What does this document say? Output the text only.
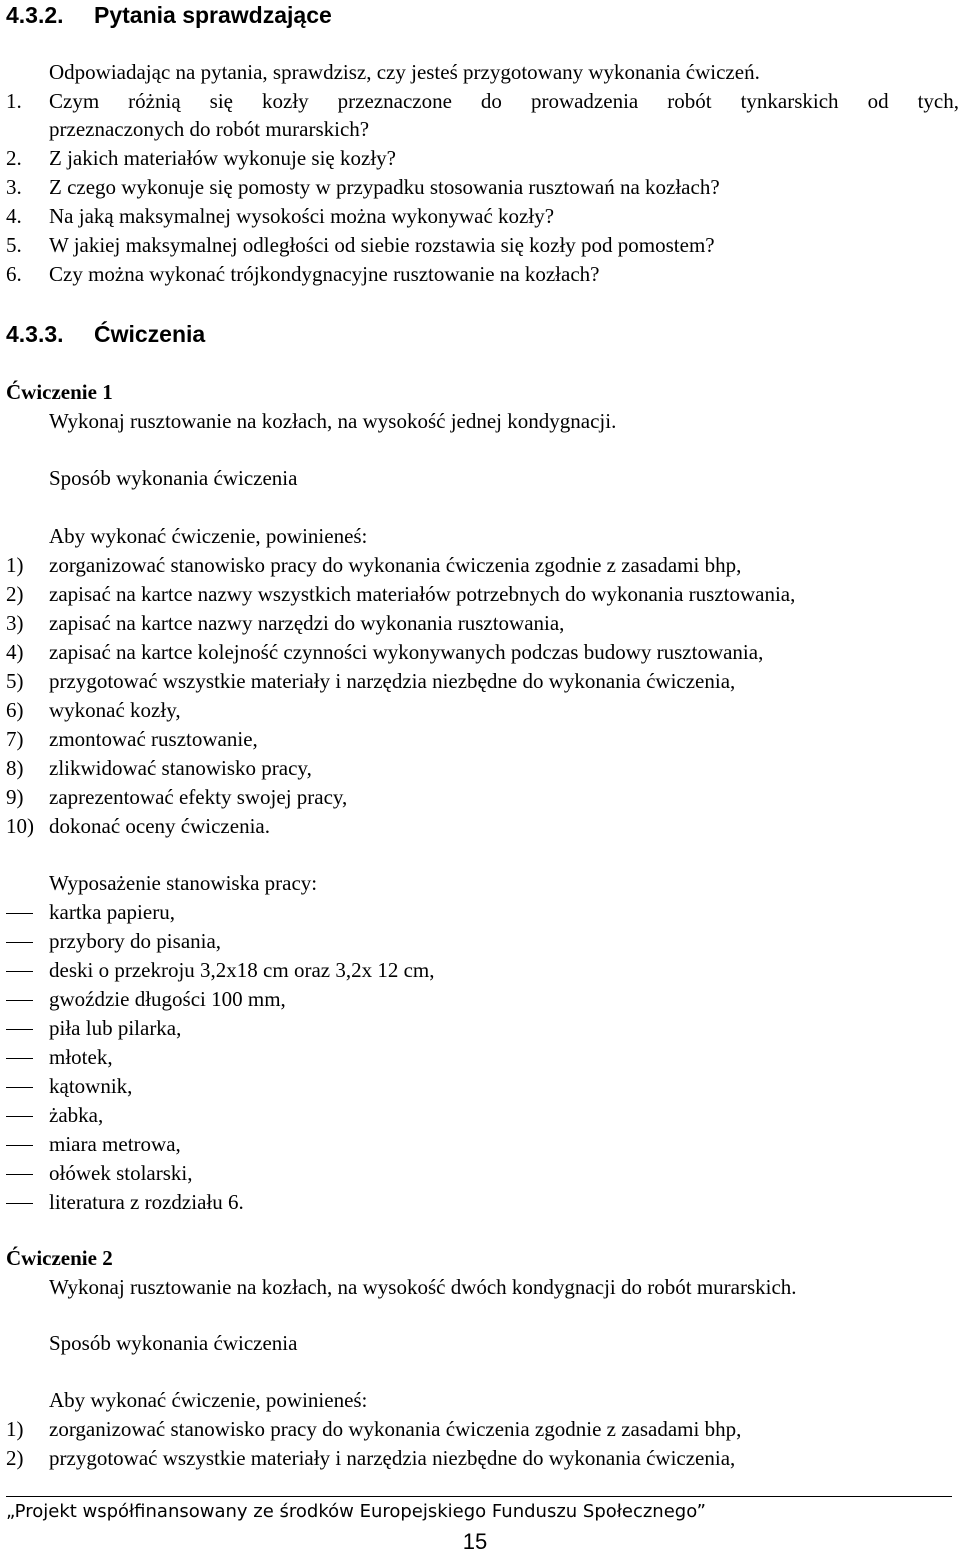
4.3.2. Pytania sprawdzające
Odpowiadając na pytania, sprawdzisz, czy jesteś przygotowany wykonania ćwiczeń.
1. Czym różnią się kozły przeznaczone do prowadzenia robót tynkarskich od tych,
przeznaczonych do robót murarskich?
2. Z jakich materiałów wykonuje się kozły?
3. Z czego wykonuje się pomosty w przypadku stosowania rusztowań na kozłach?
4. Na jaką maksymalnej wysokości można wykonywać kozły?
5. W jakiej maksymalnej odległości od siebie rozstawia się kozły pod pomostem?
6. Czy można wykonać trójkondygnacyjne rusztowanie na kozłach?
4.3.3. Ćwiczenia
Ćwiczenie 1
Wykonaj rusztowanie na kozłach, na wysokość jednej kondygnacji.
Sposób wykonania ćwiczenia
Aby wykonać ćwiczenie, powinieneś:
1) zorganizować stanowisko pracy do wykonania ćwiczenia zgodnie z zasadami bhp,
2) zapisać na kartce nazwy wszystkich materiałów potrzebnych do wykonania rusztowania,
3) zapisać na kartce nazwy narzędzi do wykonania rusztowania,
4) zapisać na kartce kolejność czynności wykonywanych podczas budowy rusztowania,
5) przygotować wszystkie materiały i narzędzia niezbędne do wykonania ćwiczenia,
6) wykonać kozły,
7) zmontować rusztowanie,
8) zlikwidować stanowisko pracy,
9) zaprezentować efekty swojej pracy,
10) dokonać oceny ćwiczenia.
Wyposażenie stanowiska pracy:
kartka papieru,
przybory do pisania,
deski o przekroju 3,2x18 cm oraz 3,2x 12 cm,
gwoździe długości 100 mm,
piła lub pilarka,
młotek,
kątownik,
żabka,
miara metrowa,
ołówek stolarski,
literatura z rozdziału 6.
Ćwiczenie 2
Wykonaj rusztowanie na kozłach, na wysokość dwóch kondygnacji do robót murarskich.
Sposób wykonania ćwiczenia
Aby wykonać ćwiczenie, powinieneś:
1) zorganizować stanowisko pracy do wykonania ćwiczenia zgodnie z zasadami bhp,
2) przygotować wszystkie materiały i narzędzia niezbędne do wykonania ćwiczenia,
„Projekt współfinansowany ze środków Europejskiego Funduszu Społecznego”
15
